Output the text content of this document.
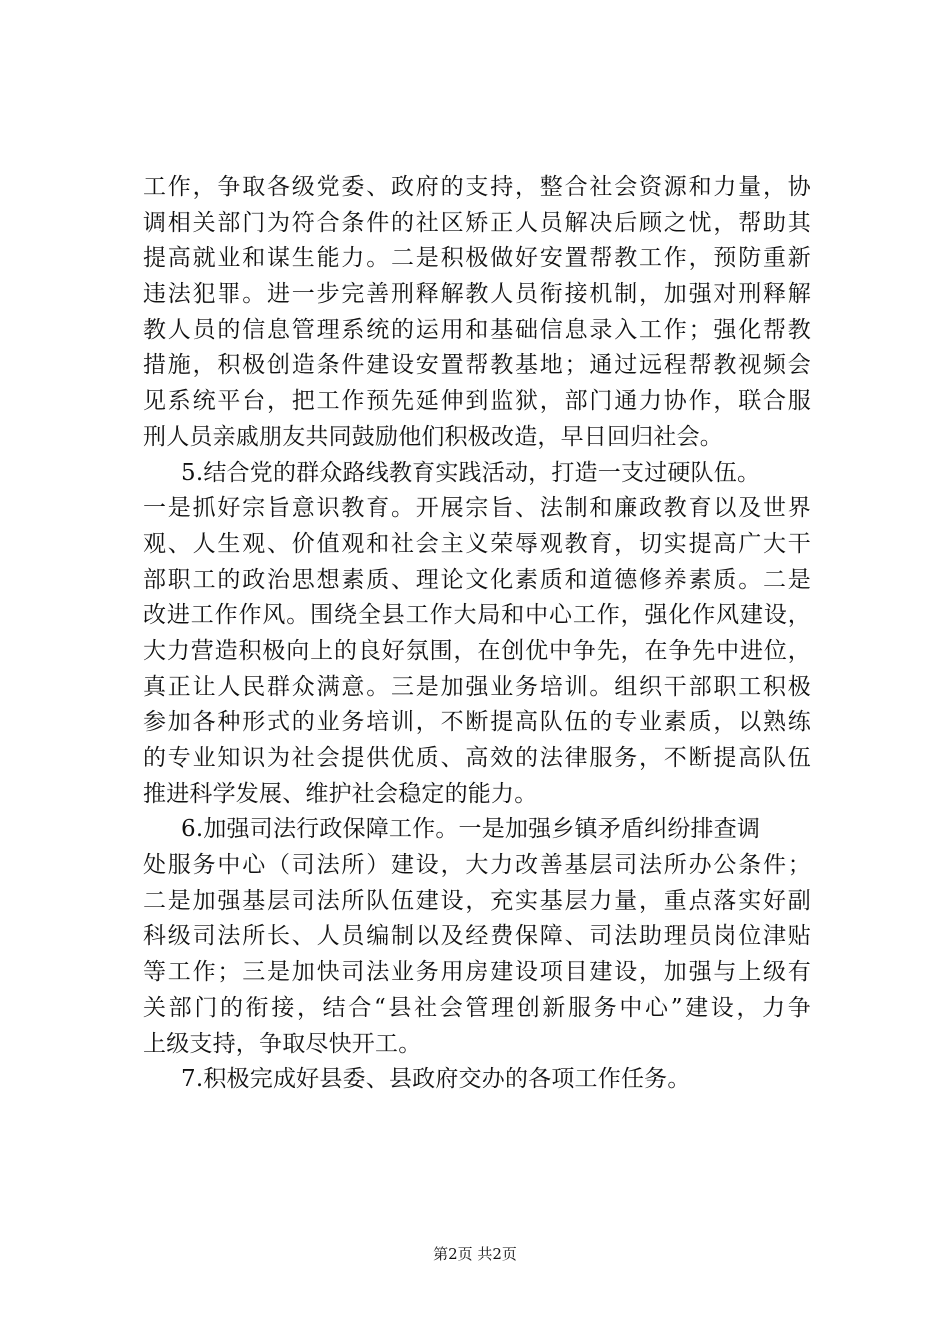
工作，争取各级党委、政府的支持，整合社会资源和力量，协
调相关部门为符合条件的社区矫正人员解决后顾之忧，帮助其
提高就业和谋生能力。二是积极做好安置帮教工作，预防重新
违法犯罪。进一步完善刑释解教人员衔接机制，加强对刑释解
教人员的信息管理系统的运用和基础信息录入工作；强化帮教
措施，积极创造条件建设安置帮教基地；通过远程帮教视频会
见系统平台，把工作预先延伸到监狱，部门通力协作，联合服
刑人员亲戚朋友共同鼓励他们积极改造，早日回归社会。
5.结合党的群众路线教育实践活动，打造一支过硬队伍。
一是抓好宗旨意识教育。开展宗旨、法制和廉政教育以及世界
观、人生观、价值观和社会主义荣辱观教育，切实提高广大干
部职工的政治思想素质、理论文化素质和道德修养素质。二是
改进工作作风。围绕全县工作大局和中心工作，强化作风建设，
大力营造积极向上的良好氛围，在创优中争先，在争先中进位，
真正让人民群众满意。三是加强业务培训。组织干部职工积极
参加各种形式的业务培训，不断提高队伍的专业素质，以熟练
的专业知识为社会提供优质、高效的法律服务，不断提高队伍
推进科学发展、维护社会稳定的能力。
6.加强司法行政保障工作。一是加强乡镇矛盾纠纷排查调
处服务中心（司法所）建设，大力改善基层司法所办公条件；
二是加强基层司法所队伍建设，充实基层力量，重点落实好副
科级司法所长、人员编制以及经费保障、司法助理员岗位津贴
等工作；三是加快司法业务用房建设项目建设，加强与上级有
关部门的衔接，结合“县社会管理创新服务中心”建设，力争
上级支持，争取尽快开工。
7.积极完成好县委、县政府交办的各项工作任务。
第2页 共2页
